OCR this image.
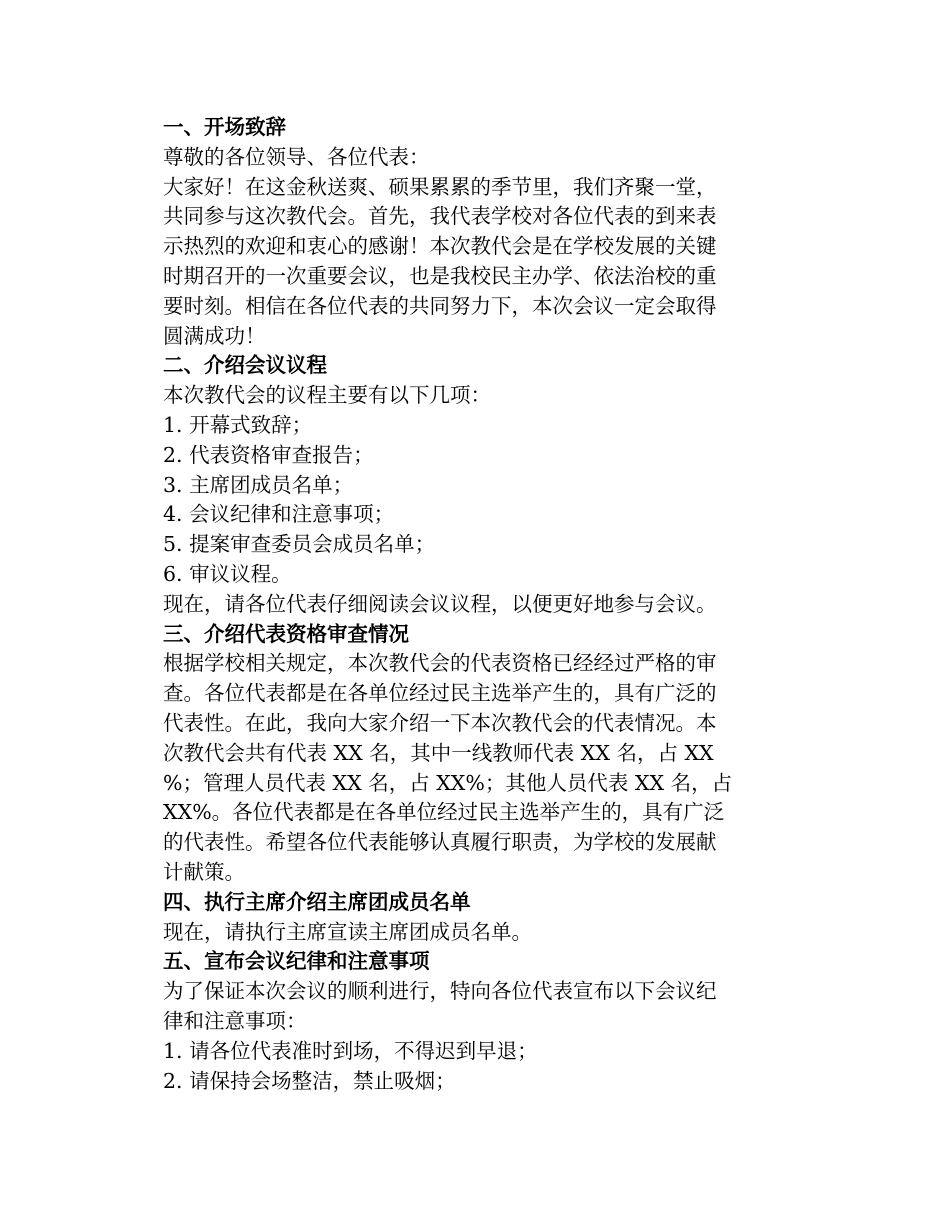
一、开场致辞
尊敬的各位领导、各位代表：
大家好！在这金秋送爽、硕果累累的季节里，我们齐聚一堂，
共同参与这次教代会。首先，我代表学校对各位代表的到来表
示热烈的欢迎和衷心的感谢！本次教代会是在学校发展的关键
时期召开的一次重要会议，也是我校民主办学、依法治校的重
要时刻。相信在各位代表的共同努力下，本次会议一定会取得
圆满成功！
二、介绍会议议程
本次教代会的议程主要有以下几项：
1. 开幕式致辞；
2. 代表资格审查报告；
3. 主席团成员名单；
4. 会议纪律和注意事项；
5. 提案审查委员会成员名单；
6. 审议议程。
现在，请各位代表仔细阅读会议议程，以便更好地参与会议。
三、介绍代表资格审查情况
根据学校相关规定，本次教代会的代表资格已经经过严格的审
查。各位代表都是在各单位经过民主选举产生的，具有广泛的
代表性。在此，我向大家介绍一下本次教代会的代表情况。本
次教代会共有代表 XX 名，其中一线教师代表 XX 名，占 XX
%；管理人员代表 XX 名，占 XX%；其他人员代表 XX 名，占
XX%。各位代表都是在各单位经过民主选举产生的，具有广泛
的代表性。希望各位代表能够认真履行职责，为学校的发展献
计献策。
四、执行主席介绍主席团成员名单
现在，请执行主席宣读主席团成员名单。
五、宣布会议纪律和注意事项
为了保证本次会议的顺利进行，特向各位代表宣布以下会议纪
律和注意事项：
1. 请各位代表准时到场，不得迟到早退；
2. 请保持会场整洁，禁止吸烟；
